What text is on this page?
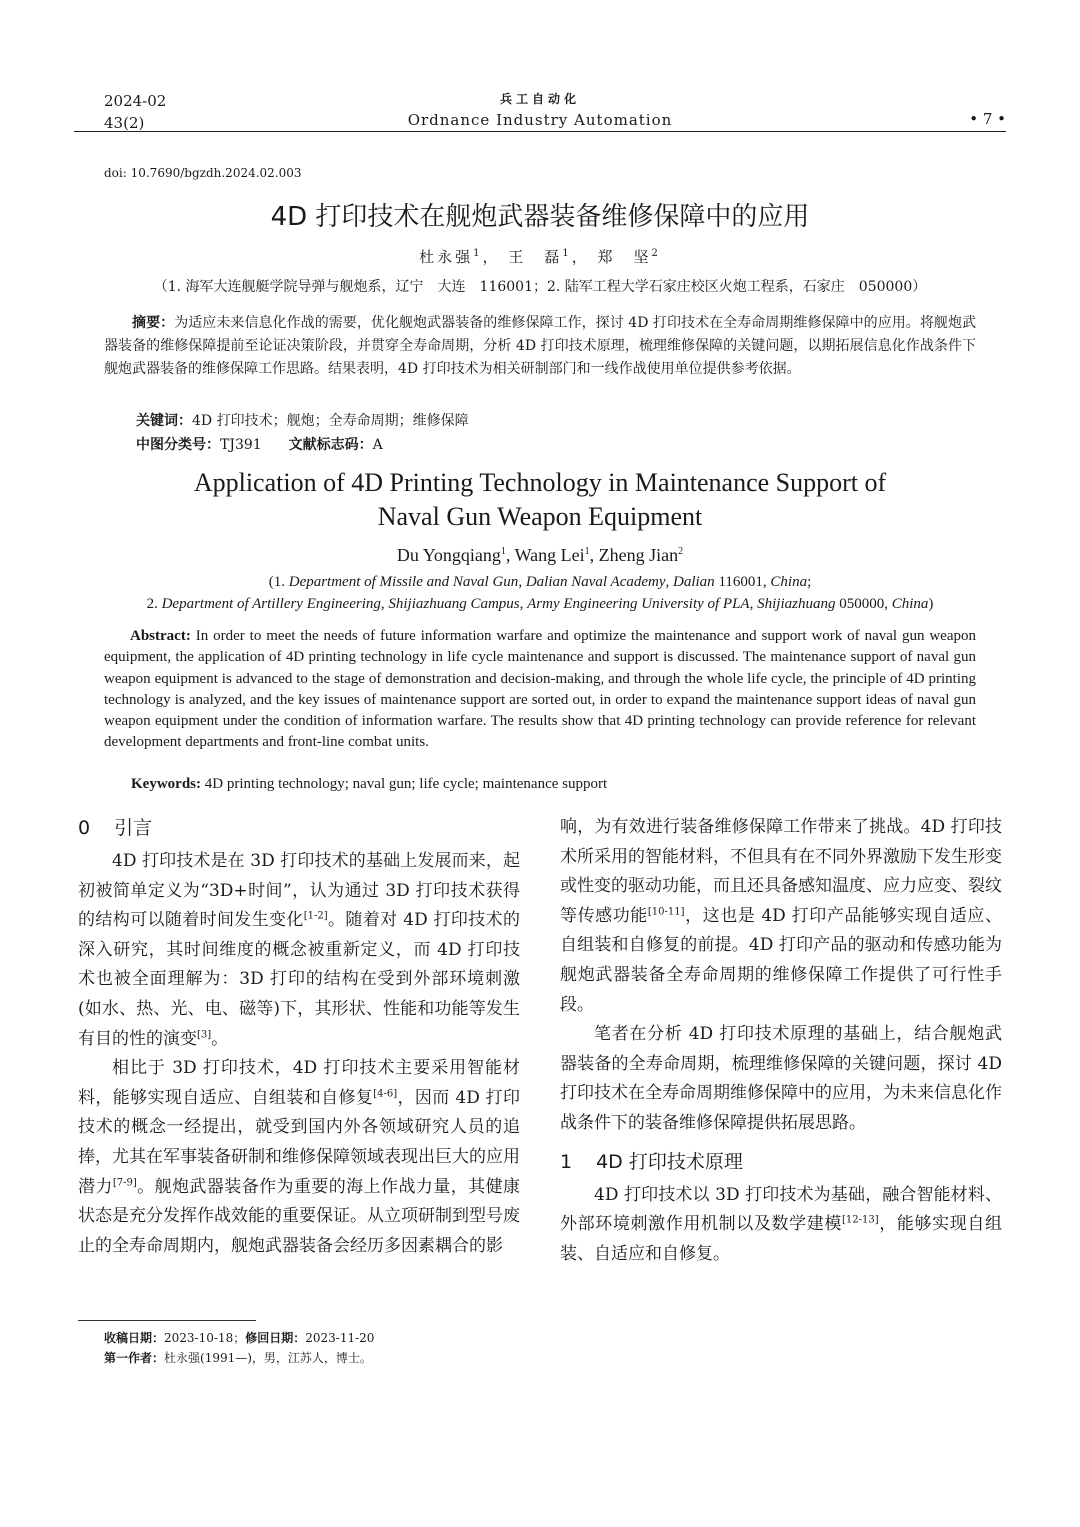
2024-02
43(2)
兵工自动化
Ordnance Industry Automation	• 7 •
doi: 10.7690/bgzdh.2024.02.003
4D 打印技术在舰炮武器装备维修保障中的应用
杜永强$^1$， 王　磊$^1$， 郑　坚$^2$
（1. 海军大连舰艇学院导弹与舰炮系，辽宁　大连　116001；2. 陆军工程大学石家庄校区火炮工程系，石家庄　050000）
摘要：为适应未来信息化作战的需要，优化舰炮武器装备的维修保障工作，探讨 4D 打印技术在全寿命周期维修保障中的应用。将舰炮武器装备的维修保障提前至论证决策阶段，并贯穿全寿命周期，分析 4D 打印技术原理，梳理维修保障的关键问题，以期拓展信息化作战条件下舰炮武器装备的维修保障工作思路。结果表明，4D 打印技术为相关研制部门和一线作战使用单位提供参考依据。
关键词：4D 打印技术；舰炮；全寿命周期；维修保障
中图分类号：TJ391 文献标志码：A
Application of 4D Printing Technology in Maintenance Support of
Naval Gun Weapon Equipment
Du Yongqiang$^1$, Wang Lei$^1$, Zheng Jian$^2$
(1. Department of Missile and Naval Gun, Dalian Naval Academy, Dalian 116001, China;
2. Department of Artillery Engineering, Shijiazhuang Campus, Army Engineering University of PLA, Shijiazhuang 050000, China)
Abstract: In order to meet the needs of future information warfare and optimize the maintenance and support work of naval gun weapon equipment, the application of 4D printing technology in life cycle maintenance and support is discussed. The maintenance support of naval gun weapon equipment is advanced to the stage of demonstration and decision-making, and through the whole life cycle, the principle of 4D printing technology is analyzed, and the key issues of maintenance support are sorted out, in order to expand the maintenance support ideas of naval gun weapon equipment under the condition of information warfare. The results show that 4D printing technology can provide reference for relevant development departments and front-line combat units.
Keywords: 4D printing technology; naval gun; life cycle; maintenance support
0 引言

4D 打印技术是在 3D 打印技术的基础上发展而来，起初被简单定义为“3D+时间”，认为通过 3D 打印技术获得的结构可以随着时间发生变化[1-2]。随着对 4D 打印技术的深入研究，其时间维度的概念被重新定义，而 4D 打印技术也被全面理解为：3D 打印的结构在受到外部环境刺激(如水、热、光、电、磁等)下，其形状、性能和功能等发生有目的性的演变[3]。

相比于 3D 打印技术，4D 打印技术主要采用智能材料，能够实现自适应、自组装和自修复[4-6]，因而 4D 打印技术的概念一经提出，就受到国内外各领域研究人员的追捧，尤其在军事装备研制和维修保障领域表现出巨大的应用潜力[7-9]。舰炮武器装备作为重要的海上作战力量，其健康状态是充分发挥作战效能的重要保证。从立项研制到型号废止的全寿命周期内，舰炮武器装备会经历多因素耦合的影

响，为有效进行装备维修保障工作带来了挑战。4D 打印技术所采用的智能材料，不但具有在不同外界激励下发生形变或性变的驱动功能，而且还具备感知温度、应力应变、裂纹等传感功能[10-11]，这也是 4D 打印产品能够实现自适应、自组装和自修复的前提。4D 打印产品的驱动和传感功能为舰炮武器装备全寿命周期的维修保障工作提供了可行性手段。

笔者在分析 4D 打印技术原理的基础上，结合舰炮武器装备的全寿命周期，梳理维修保障的关键问题，探讨 4D 打印技术在全寿命周期维修保障中的应用，为未来信息化作战条件下的装备维修保障提供拓展思路。

1 4D 打印技术原理

4D 打印技术以 3D 打印技术为基础，融合智能材料、外部环境刺激作用机制以及数学建模[12-13]，能够实现自组装、自适应和自修复。

收稿日期：2023-10-18；修回日期：2023-11-20
第一作者：杜永强(1991—)，男，江苏人，博士。
